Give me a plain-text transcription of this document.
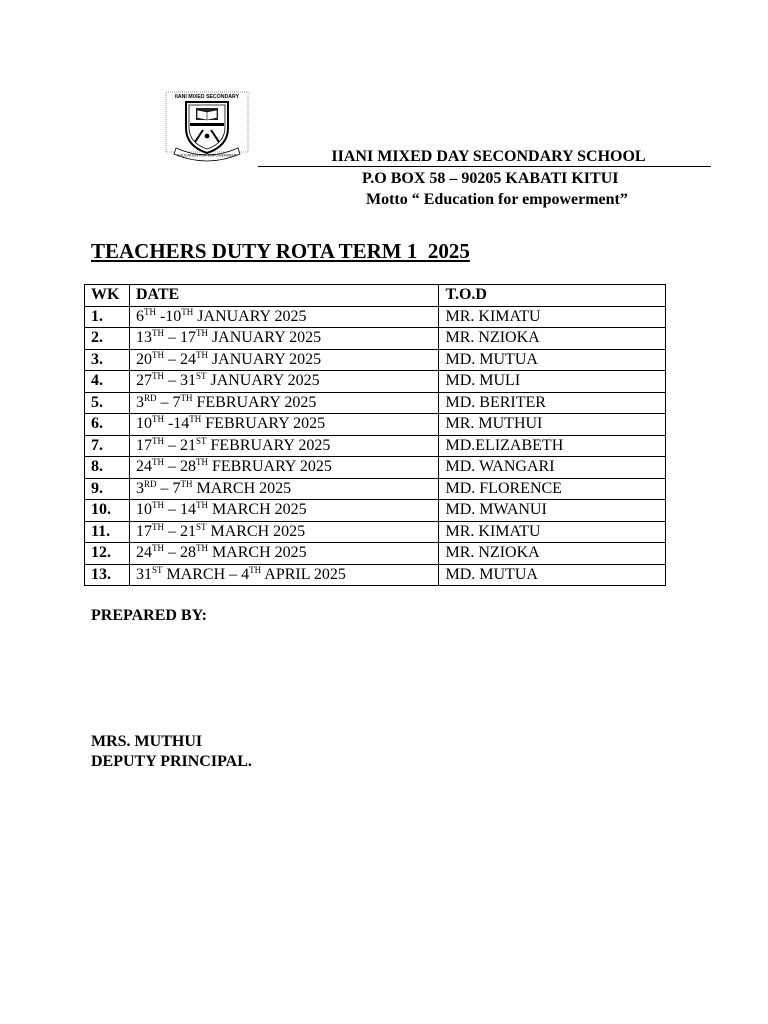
IIANI MIXED SECONDARY
EDUCATION FOR EMPOWERMENT	IIANI MIXED DAY SECONDARY SCHOOL
P.O BOX 58 – 90205 KABATI KITUI
Motto “ Education for empowerment”
TEACHERS DUTY ROTA TERM 1  2025
WK	DATE	T.O.D
1.	6TH -10TH JANUARY 2025	MR. KIMATU
2.	13TH – 17TH JANUARY 2025	MR. NZIOKA
3.	20TH – 24TH JANUARY 2025	MD. MUTUA
4.	27TH – 31ST JANUARY 2025	MD. MULI
5.	3RD – 7TH FEBRUARY 2025	MD. BERITER
6.	10TH -14TH FEBRUARY 2025	MR. MUTHUI
7.	17TH – 21ST FEBRUARY 2025	MD.ELIZABETH
8.	24TH – 28TH FEBRUARY 2025	MD. WANGARI
9.	3RD – 7TH MARCH 2025	MD. FLORENCE
10.	10TH – 14TH MARCH 2025	MD. MWANUI
11.	17TH – 21ST MARCH 2025	MR. KIMATU
12.	24TH – 28TH MARCH 2025	MR. NZIOKA
13.	31ST MARCH – 4TH APRIL 2025	MD. MUTUA
PREPARED BY:
MRS. MUTHUI
DEPUTY PRINCIPAL.
